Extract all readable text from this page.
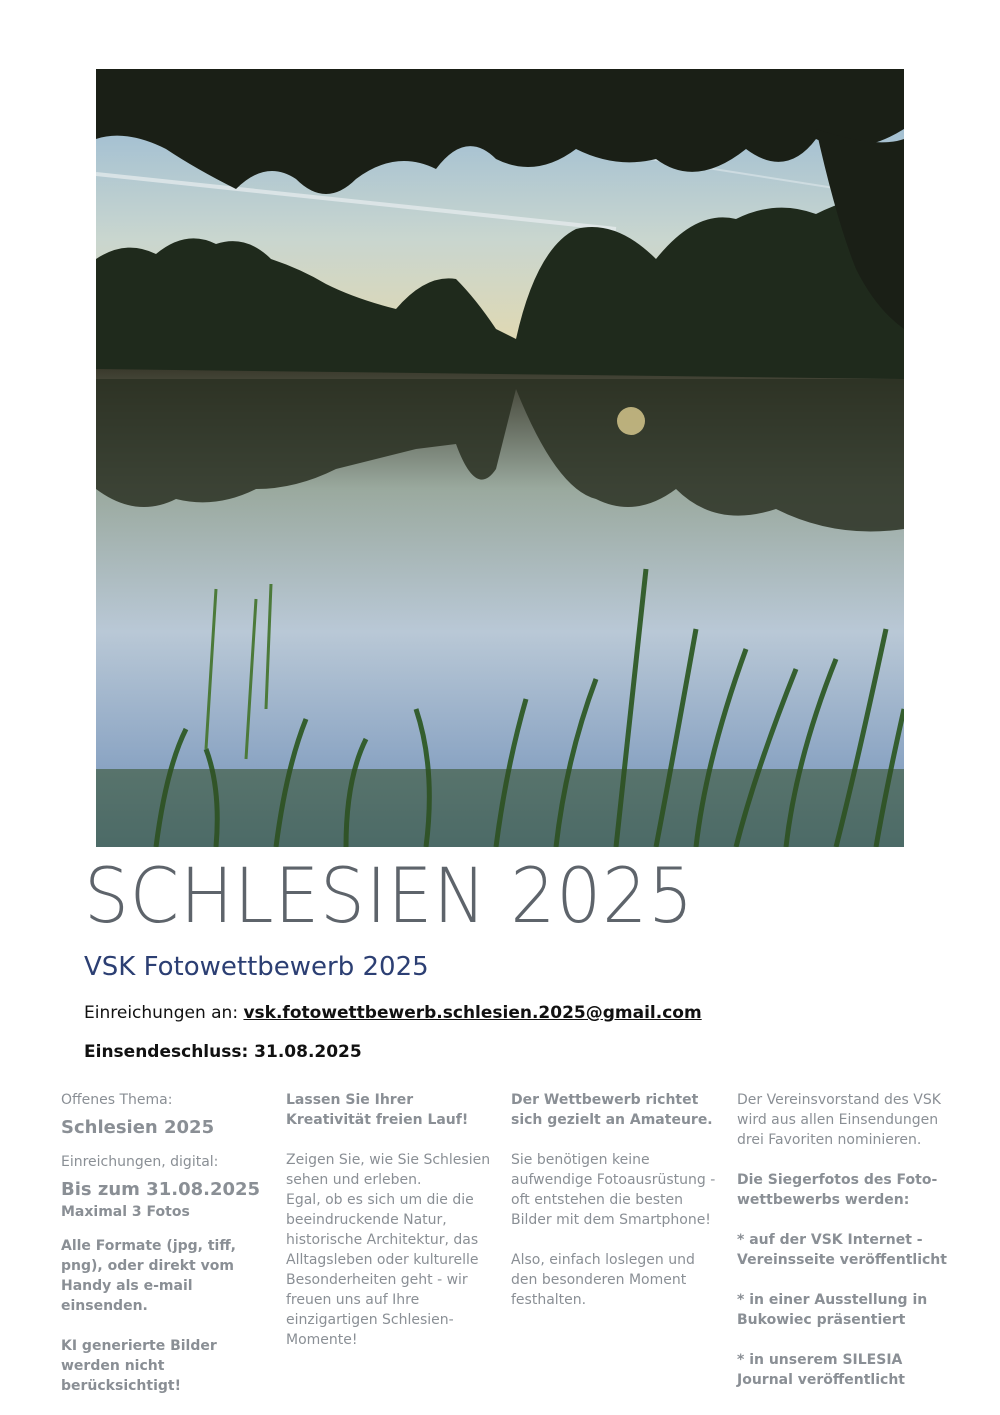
SCHLESIEN 2025
VSK Fotowettbewerb 2025
Einreichungen an: vsk.fotowettbewerb.schlesien.2025@gmail.com
Einsendeschluss: 31.08.2025

Offenes Thema:

Schlesien 2025

Einreichungen, digital:

Bis zum 31.08.2025

Maximal 3 Fotos

Alle Formate (jpg, tiff, png), oder direkt vom Handy als e-mail einsenden.

KI generierte Bilder werden nicht berücksichtigt!

Lassen Sie Ihrer Kreativität freien Lauf!

Zeigen Sie, wie Sie Schlesien sehen und erleben.

Egal, ob es sich um die die beeindruckende Natur, historische Architektur, das Alltagsleben oder kulturelle Besonderheiten geht - wir freuen uns auf Ihre einzigartigen Schlesien-Momente!

Der Wettbewerb richtet sich gezielt an Amateure.

Sie benötigen keine aufwendige Fotoausrüstung - oft entstehen die besten Bilder mit dem Smartphone!

Also, einfach loslegen und den besonderen Moment festhalten.

Der Vereinsvorstand des VSK wird aus allen Einsendungen drei Favoriten nominieren.

Die Siegerfotos des Foto-wettbewerbs werden:

* auf der VSK Internet - Vereinsseite veröffentlicht

* in einer Ausstellung in Bukowiec präsentiert

* in unserem SILESIA Journal veröffentlicht
